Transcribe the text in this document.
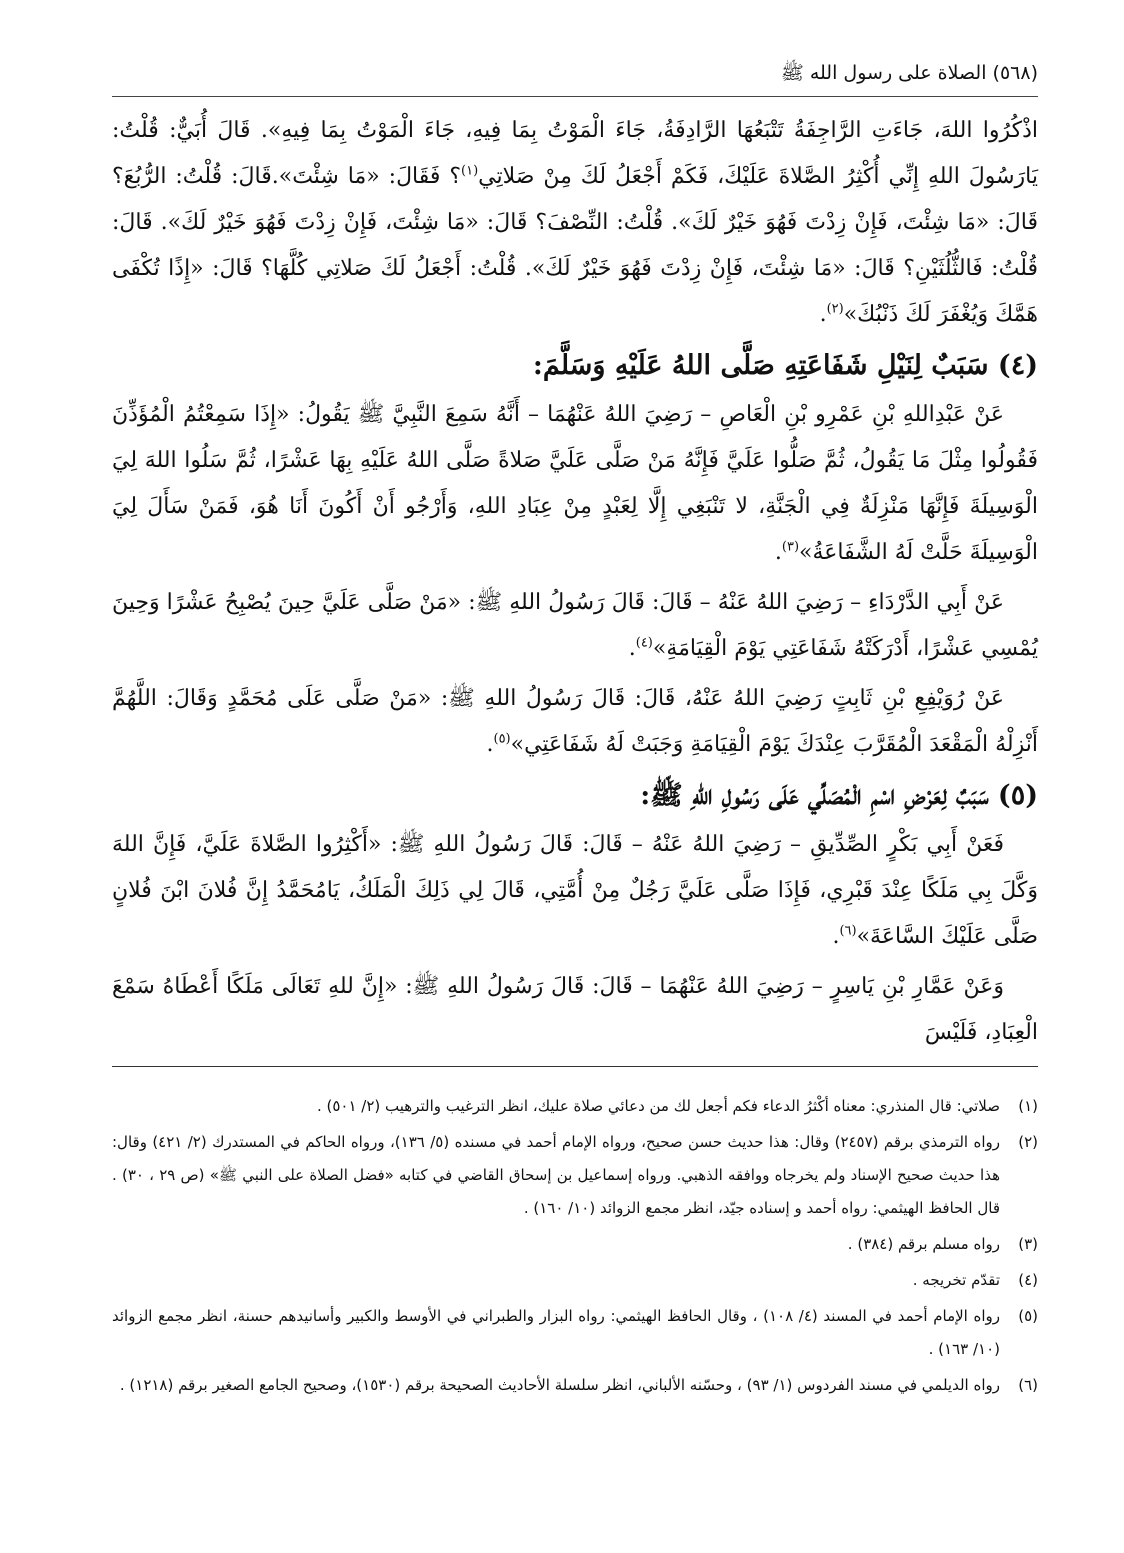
(٥٦٨) الصلاة على رسول الله ﷺ

اذْكُرُوا اللهَ، جَاءَتِ الرَّاجِفَةُ تَتْبَعُهَا الرَّادِفَةُ، جَاءَ الْمَوْتُ بِمَا فِيهِ، جَاءَ الْمَوْتُ بِمَا فِيهِ». قَالَ أُبَيٌّ: قُلْتُ: يَارَسُولَ اللهِ إِنِّي أُكْثِرُ الصَّلاةَ عَلَيْكَ، فَكَمْ أَجْعَلُ لَكَ مِنْ صَلاتِي$^{(١)}$؟ فَقَالَ: «مَا شِئْتَ».قَالَ: قُلْتُ: الرُّبُعَ؟ قَالَ: «مَا شِئْتَ، فَإِنْ زِدْتَ فَهُوَ خَيْرٌ لَكَ». قُلْتُ: النِّصْفَ؟ قَالَ: «مَا شِئْتَ، فَإِنْ زِدْتَ فَهُوَ خَيْرٌ لَكَ». قَالَ: قُلْتُ: فَالثُّلُثَيْنِ؟ قَالَ: «مَا شِئْتَ، فَإِنْ زِدْتَ فَهُوَ خَيْرٌ لَكَ». قُلْتُ: أَجْعَلُ لَكَ صَلاتِي كُلَّهَا؟ قَالَ: «إِذًا تُكْفَى هَمَّكَ وَيُغْفَرَ لَكَ ذَنْبُكَ»$^{(٢)}$.

(٤) سَبَبٌ لِنَيْلِ شَفَاعَتِهِ صَلَّى اللهُ عَلَيْهِ وَسَلَّمَ:

عَنْ عَبْدِاللهِ بْنِ عَمْرِو بْنِ الْعَاصِ – رَضِيَ اللهُ عَنْهُمَا – أَنَّهُ سَمِعَ النَّبِيَّ ﷺ يَقُولُ: «إِذَا سَمِعْتُمُ الْمُؤَذِّنَ فَقُولُوا مِثْلَ مَا يَقُولُ، ثُمَّ صَلُّوا عَلَيَّ فَإِنَّهُ مَنْ صَلَّى عَلَيَّ صَلاةً صَلَّى اللهُ عَلَيْهِ بِهَا عَشْرًا، ثُمَّ سَلُوا اللهَ لِيَ الْوَسِيلَةَ فَإِنَّهَا مَنْزِلَةٌ فِي الْجَنَّةِ، لا تَنْبَغِي إِلَّا لِعَبْدٍ مِنْ عِبَادِ اللهِ، وَأَرْجُو أَنْ أَكُونَ أَنَا هُوَ، فَمَنْ سَأَلَ لِيَ الْوَسِيلَةَ حَلَّتْ لَهُ الشَّفَاعَةُ»$^{(٣)}$.

عَنْ أَبِي الدَّرْدَاءِ – رَضِيَ اللهُ عَنْهُ – قَالَ: قَالَ رَسُولُ اللهِ ﷺ: «مَنْ صَلَّى عَلَيَّ حِينَ يُصْبِحُ عَشْرًا وَحِينَ يُمْسِي عَشْرًا، أَدْرَكَتْهُ شَفَاعَتِي يَوْمَ الْقِيَامَةِ»$^{(٤)}$.

عَنْ رُوَيْفِعِ بْنِ ثَابِتٍ رَضِيَ اللهُ عَنْهُ، قَالَ: قَالَ رَسُولُ اللهِ ﷺ: «مَنْ صَلَّى عَلَى مُحَمَّدٍ وَقَالَ: اللَّهُمَّ أَنْزِلْهُ الْمَقْعَدَ الْمُقَرَّبَ عِنْدَكَ يَوْمَ الْقِيَامَةِ وَجَبَتْ لَهُ شَفَاعَتِي»$^{(٥)}$.

(٥) سَبَبٌ لِعَرْضِ اسْمِ الْمُصَلِّي عَلَى رَسُولِ اللهِ ﷺ:

فَعَنْ أَبِي بَكْرٍ الصِّدِّيقِ – رَضِيَ اللهُ عَنْهُ – قَالَ: قَالَ رَسُولُ اللهِ ﷺ: «أَكْثِرُوا الصَّلاةَ عَلَيَّ، فَإِنَّ اللهَ وَكَّلَ بِي مَلَكًا عِنْدَ قَبْرِي، فَإِذَا صَلَّى عَلَيَّ رَجُلٌ مِنْ أُمَّتِي، قَالَ لِي ذَلِكَ الْمَلَكُ، يَامُحَمَّدُ إِنَّ فُلانَ ابْنَ فُلانٍ صَلَّى عَلَيْكَ السَّاعَةَ»$^{(٦)}$.

وَعَنْ عَمَّارِ بْنِ يَاسِرٍ – رَضِيَ اللهُ عَنْهُمَا – قَالَ: قَالَ رَسُولُ اللهِ ﷺ: «إِنَّ للهِ تَعَالَى مَلَكًا أَعْطَاهُ سَمْعَ الْعِبَادِ، فَلَيْسَ

(١)
صلاتي: قال المنذري: معناه أكْثرُ الدعاء فكم أجعل لك من دعائي صلاة عليك، انظر الترغيب والترهيب (٢/ ٥٠١) .
(٢)
رواه الترمذي برقم (٢٤٥٧) وقال: هذا حديث حسن صحيح، ورواه الإمام أحمد في مسنده (٥/ ١٣٦)، ورواه الحاكم في المستدرك (٢/ ٤٢١) وقال: هذا حديث صحيح الإسناد ولم يخرجاه ووافقه الذهبي. ورواه إسماعيل بن إسحاق القاضي في كتابه «فضل الصلاة على النبي ﷺ» (ص ٢٩ ، ٣٠) . قال الحافظ الهيثمي: رواه أحمد و إسناده جيّد، انظر مجمع الزوائد (١٠/ ١٦٠) .
(٣)
رواه مسلم برقم (٣٨٤) .
(٤)
تقدّم تخريجه .
(٥)
رواه الإمام أحمد في المسند (٤/ ١٠٨) ، وقال الحافظ الهيثمي: رواه البزار والطبراني في الأوسط والكبير وأسانيدهم حسنة، انظر مجمع الزوائد (١٠/ ١٦٣) .
(٦)
رواه الديلمي في مسند الفردوس (١/ ٩٣) ، وحسّنه الألباني، انظر سلسلة الأحاديث الصحيحة برقم (١٥٣٠)، وصحيح الجامع الصغير برقم (١٢١٨) .
